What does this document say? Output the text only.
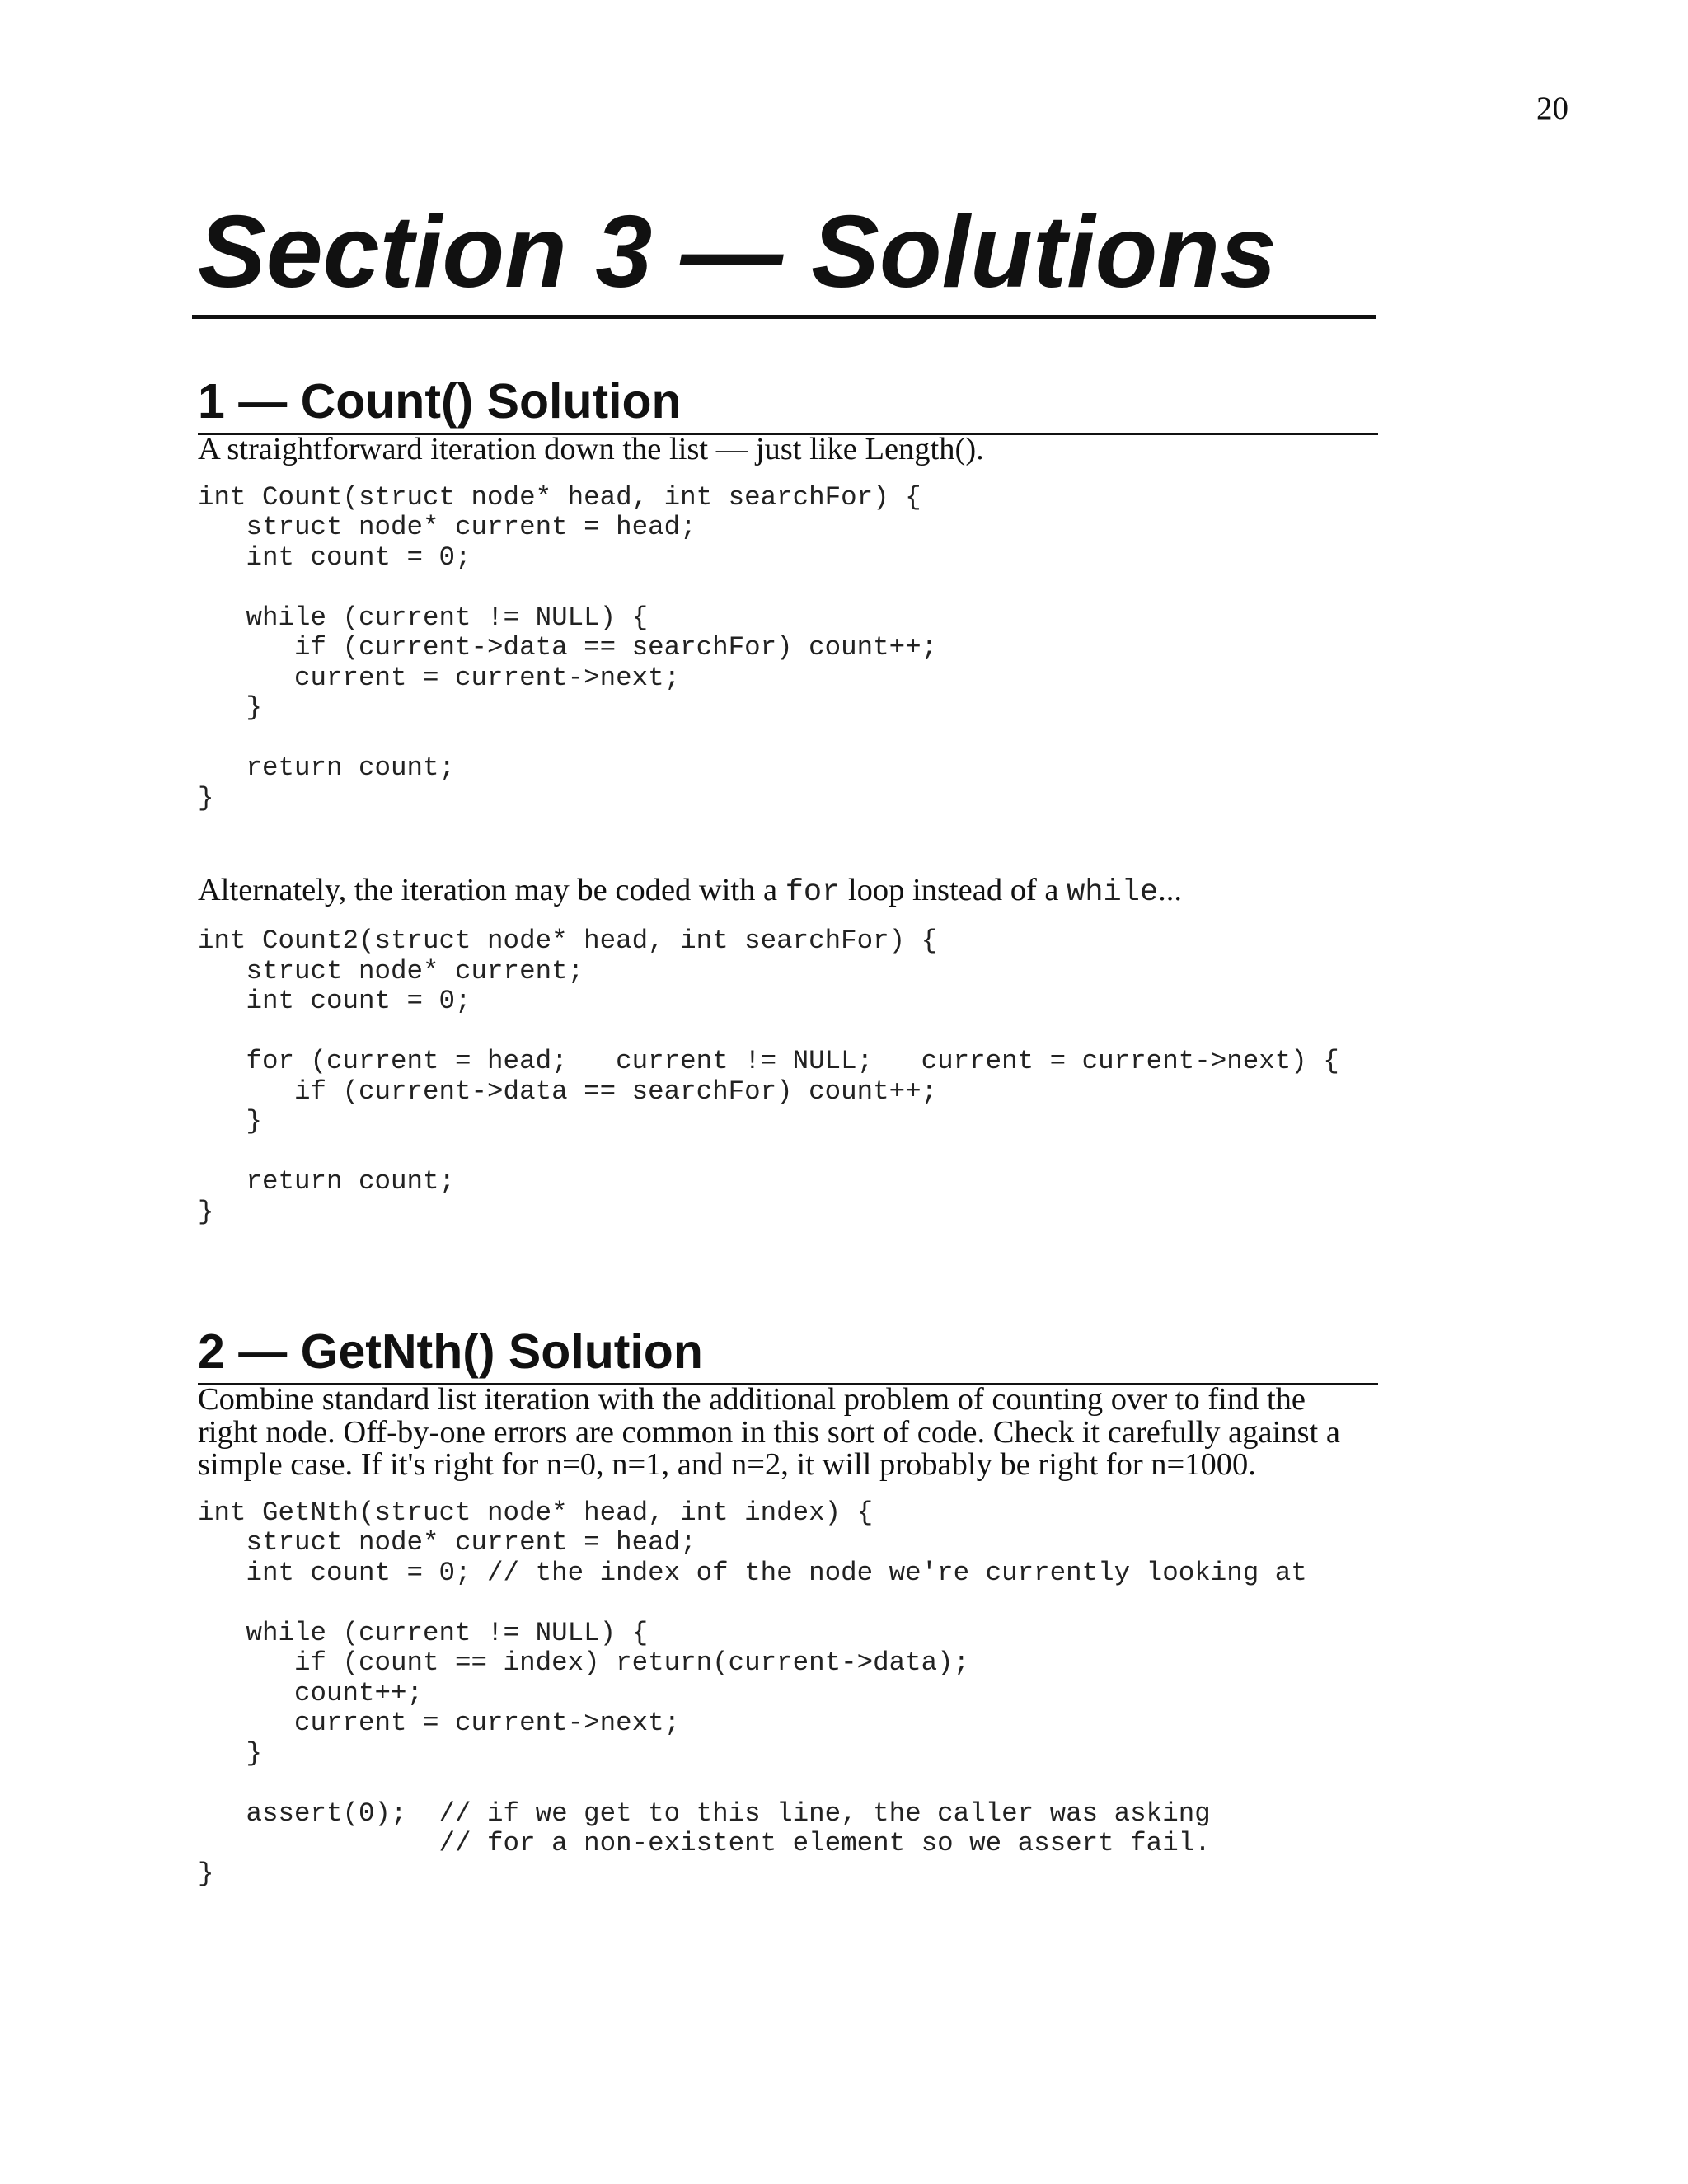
20
Section 3 — Solutions
1 — Count() Solution

A straightforward iteration down the list — just like Length().

int Count(struct node* head, int searchFor) {
struct node* current = head;
int count = 0;

while (current != NULL) {
if (current->data == searchFor) count++;
current = current->next;
}

return count;
}

Alternately, the iteration may be coded with a for loop instead of a while...

int Count2(struct node* head, int searchFor) {
struct node* current;
int count = 0;

for (current = head;   current != NULL;   current = current->next) {
if (current->data == searchFor) count++;
}

return count;
}
2 — GetNth() Solution

Combine standard list iteration with the additional problem of counting over to find the
right node. Off-by-one errors are common in this sort of code. Check it carefully against a
simple case. If it's right for n=0, n=1, and n=2, it will probably be right for n=1000.

int GetNth(struct node* head, int index) {
struct node* current = head;
int count = 0; // the index of the node we're currently looking at

while (current != NULL) {
if (count == index) return(current->data);
count++;
current = current->next;
}

assert(0);  // if we get to this line, the caller was asking
// for a non-existent element so we assert fail.
}
